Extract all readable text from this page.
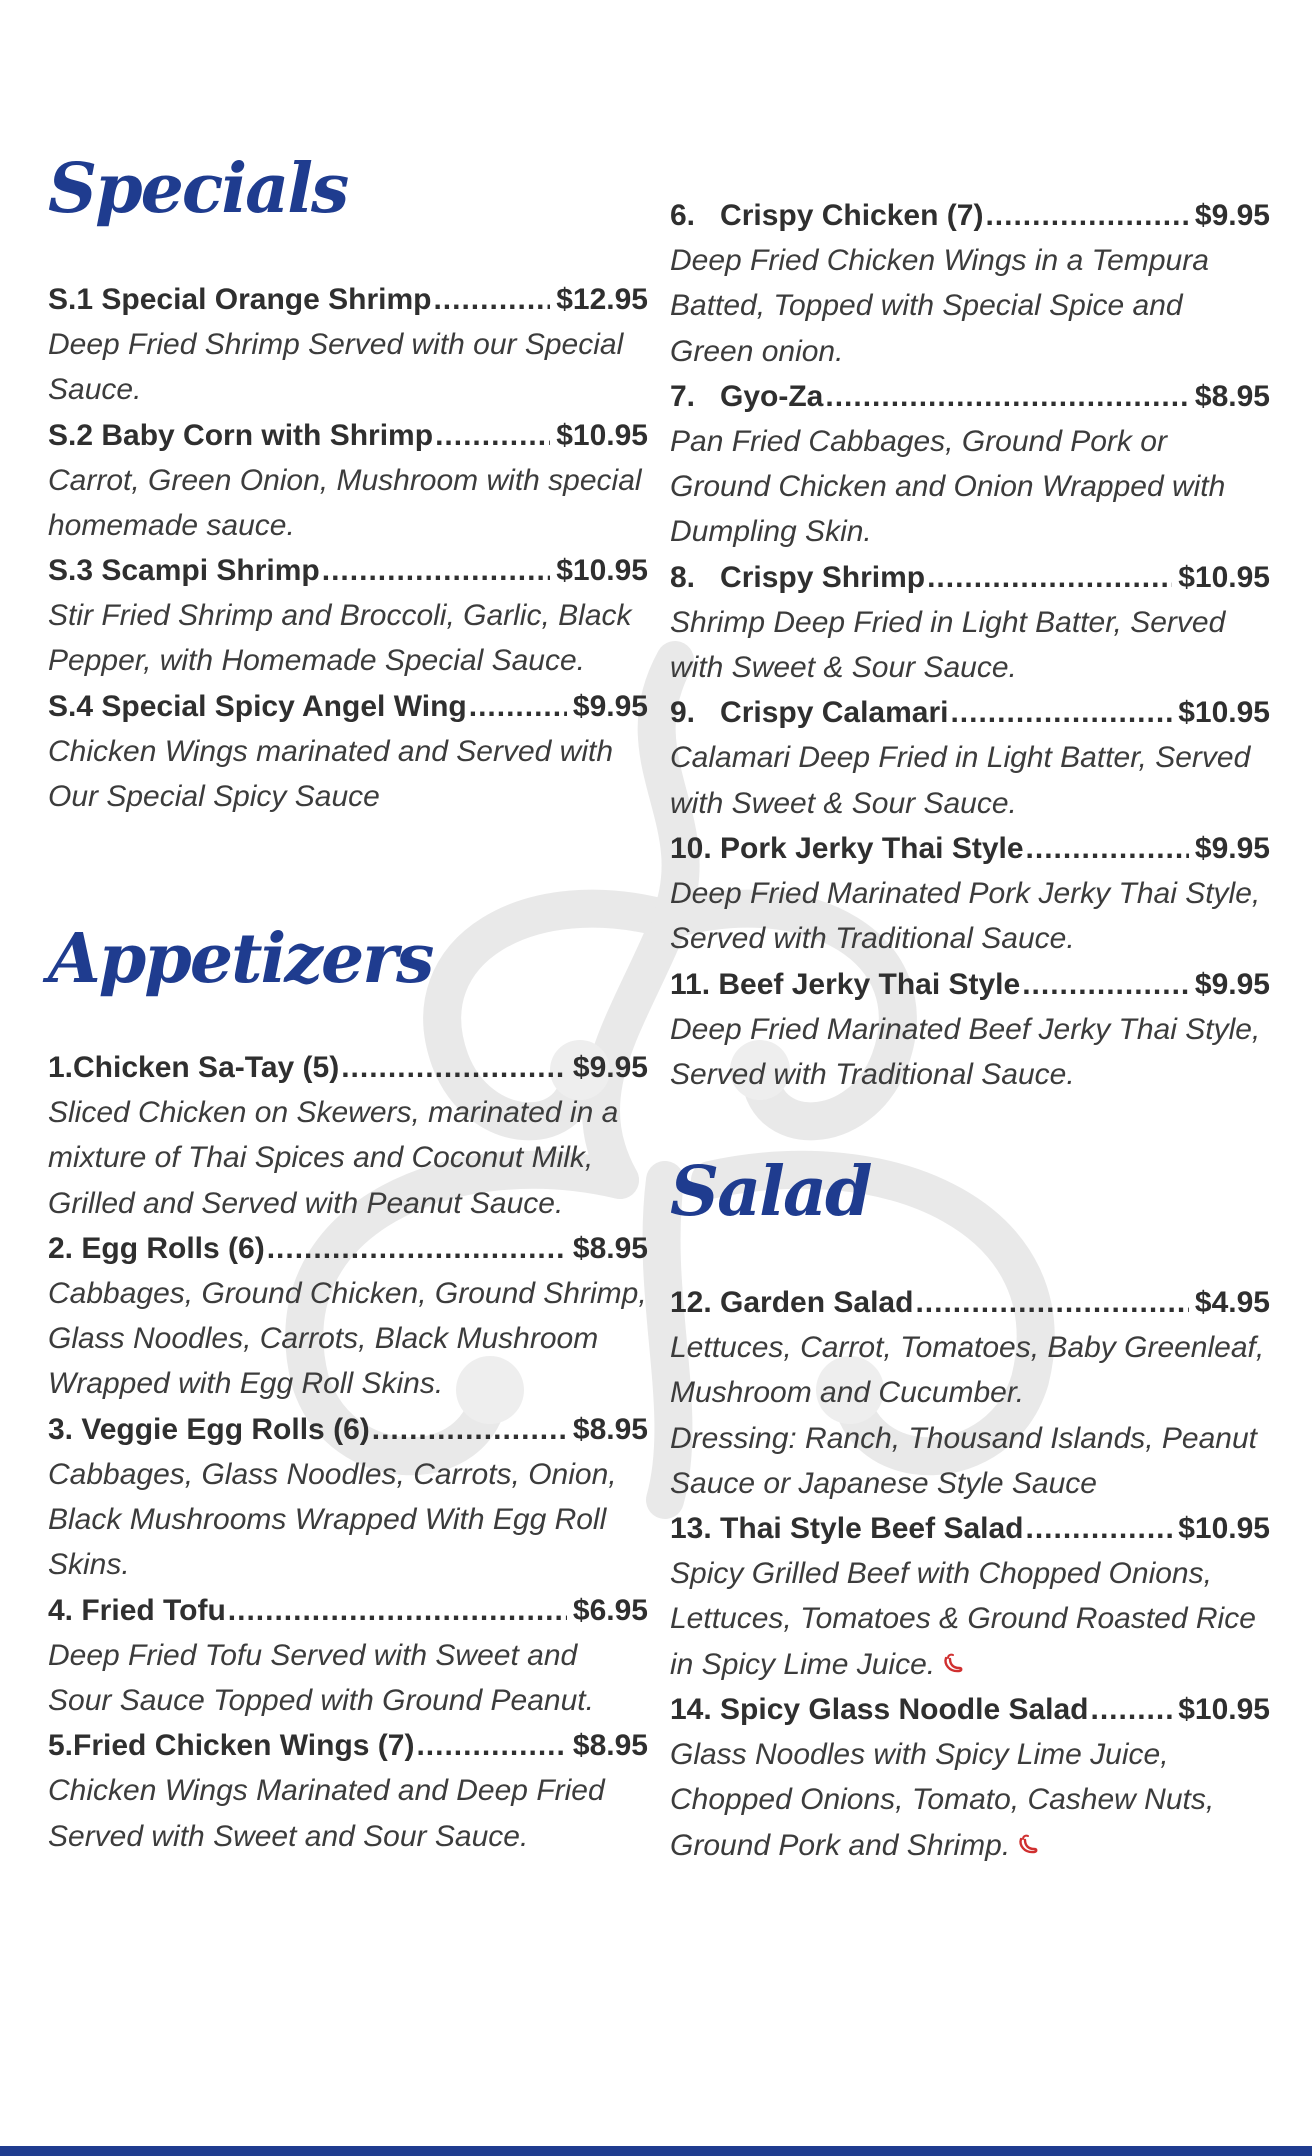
Specials
S.1 Special Orange Shrimp .....	$12.95

Deep Fried Shrimp Served with our Special Sauce.

S.2 Baby Corn with Shrimp .....	$10.95

Carrot, Green Onion, Mushroom with special homemade sauce.

S.3 Scampi Shrimp .....	$10.95

Stir Fried Shrimp and Broccoli, Garlic, Black Pepper, with Homemade Special Sauce.

S.4 Special Spicy Angel Wing .....	$9.95

Chicken Wings marinated and Served with Our Special Spicy Sauce

Appetizers
1.Chicken Sa-Tay (5) .....	$9.95

Sliced Chicken on Skewers, marinated in a mixture of Thai Spices and Coconut Milk, Grilled and Served with Peanut Sauce.

2. Egg Rolls (6) .....	$8.95

Cabbages, Ground Chicken, Ground Shrimp, Glass Noodles, Carrots, Black Mushroom Wrapped with Egg Roll Skins.

3. Veggie Egg Rolls (6) .....	$8.95

Cabbages, Glass Noodles, Carrots, Onion, Black Mushrooms Wrapped With Egg Roll Skins.

4. Fried Tofu .....	$6.95

Deep Fried Tofu Served with Sweet and Sour Sauce Topped with Ground Peanut.

5.Fried Chicken Wings (7) .....	$8.95

Chicken Wings Marinated and Deep Fried Served with Sweet and Sour Sauce.

6.   Crispy Chicken (7) .....	$9.95

Deep Fried Chicken Wings in a Tempura Batted, Topped with Special Spice and Green onion.

7.   Gyo-Za .....	$8.95

Pan Fried Cabbages, Ground Pork or Ground Chicken and Onion Wrapped with Dumpling Skin.

8.   Crispy Shrimp .....	$10.95

Shrimp Deep Fried in Light Batter, Served with Sweet & Sour Sauce.

9.   Crispy Calamari .....	$10.95

Calamari Deep Fried in Light Batter, Served with Sweet & Sour Sauce.

10. Pork Jerky Thai Style .....	$9.95

Deep Fried Marinated Pork Jerky Thai Style, Served with Traditional Sauce.

11. Beef Jerky Thai Style .....	$9.95

Deep Fried Marinated Beef Jerky Thai Style, Served with Traditional Sauce.

Salad
12. Garden Salad .....	$4.95

Lettuces, Carrot, Tomatoes, Baby Greenleaf, Mushroom and Cucumber.

Dressing: Ranch, Thousand Islands, Peanut Sauce or Japanese Style Sauce

13. Thai Style Beef Salad .....	$10.95

Spicy Grilled Beef with Chopped Onions, Lettuces, Tomatoes & Ground Roasted Rice in Spicy Lime Juice.

14. Spicy Glass Noodle Salad .....	$10.95

Glass Noodles with Spicy Lime Juice, Chopped Onions, Tomato, Cashew Nuts, Ground Pork and Shrimp.
